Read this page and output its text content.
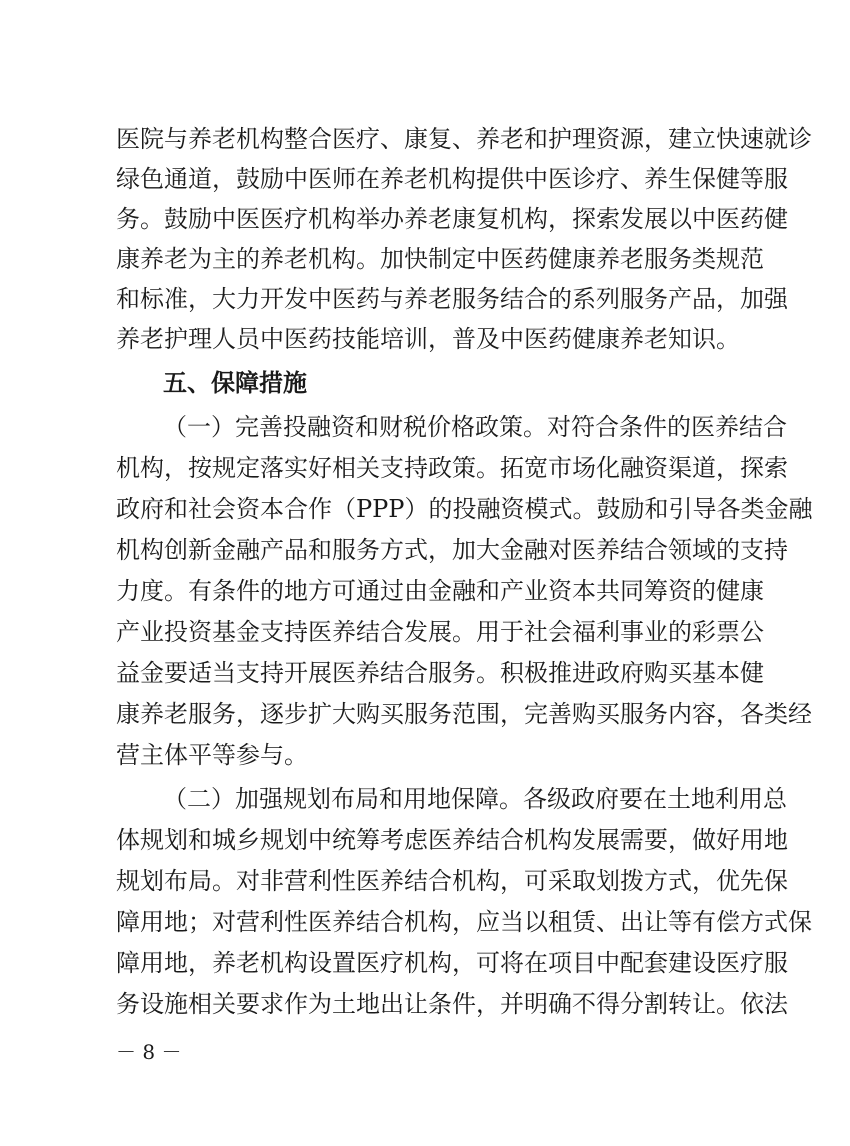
医院与养老机构整合医疗、康复、养老和护理资源，建立快速就诊
绿色通道，鼓励中医师在养老机构提供中医诊疗、养生保健等服
务。鼓励中医医疗机构举办养老康复机构，探索发展以中医药健
康养老为主的养老机构。加快制定中医药健康养老服务类规范
和标准，大力开发中医药与养老服务结合的系列服务产品，加强
养老护理人员中医药技能培训，普及中医药健康养老知识。
五、保障措施
（一）完善投融资和财税价格政策。对符合条件的医养结合
机构，按规定落实好相关支持政策。拓宽市场化融资渠道，探索
政府和社会资本合作（PPP）的投融资模式。鼓励和引导各类金融
机构创新金融产品和服务方式，加大金融对医养结合领域的支持
力度。有条件的地方可通过由金融和产业资本共同筹资的健康
产业投资基金支持医养结合发展。用于社会福利事业的彩票公
益金要适当支持开展医养结合服务。积极推进政府购买基本健
康养老服务，逐步扩大购买服务范围，完善购买服务内容，各类经
营主体平等参与。
（二）加强规划布局和用地保障。各级政府要在土地利用总
体规划和城乡规划中统筹考虑医养结合机构发展需要，做好用地
规划布局。对非营利性医养结合机构，可采取划拨方式，优先保
障用地；对营利性医养结合机构，应当以租赁、出让等有偿方式保
障用地，养老机构设置医疗机构，可将在项目中配套建设医疗服
务设施相关要求作为土地出让条件，并明确不得分割转让。依法
－ 8 －
